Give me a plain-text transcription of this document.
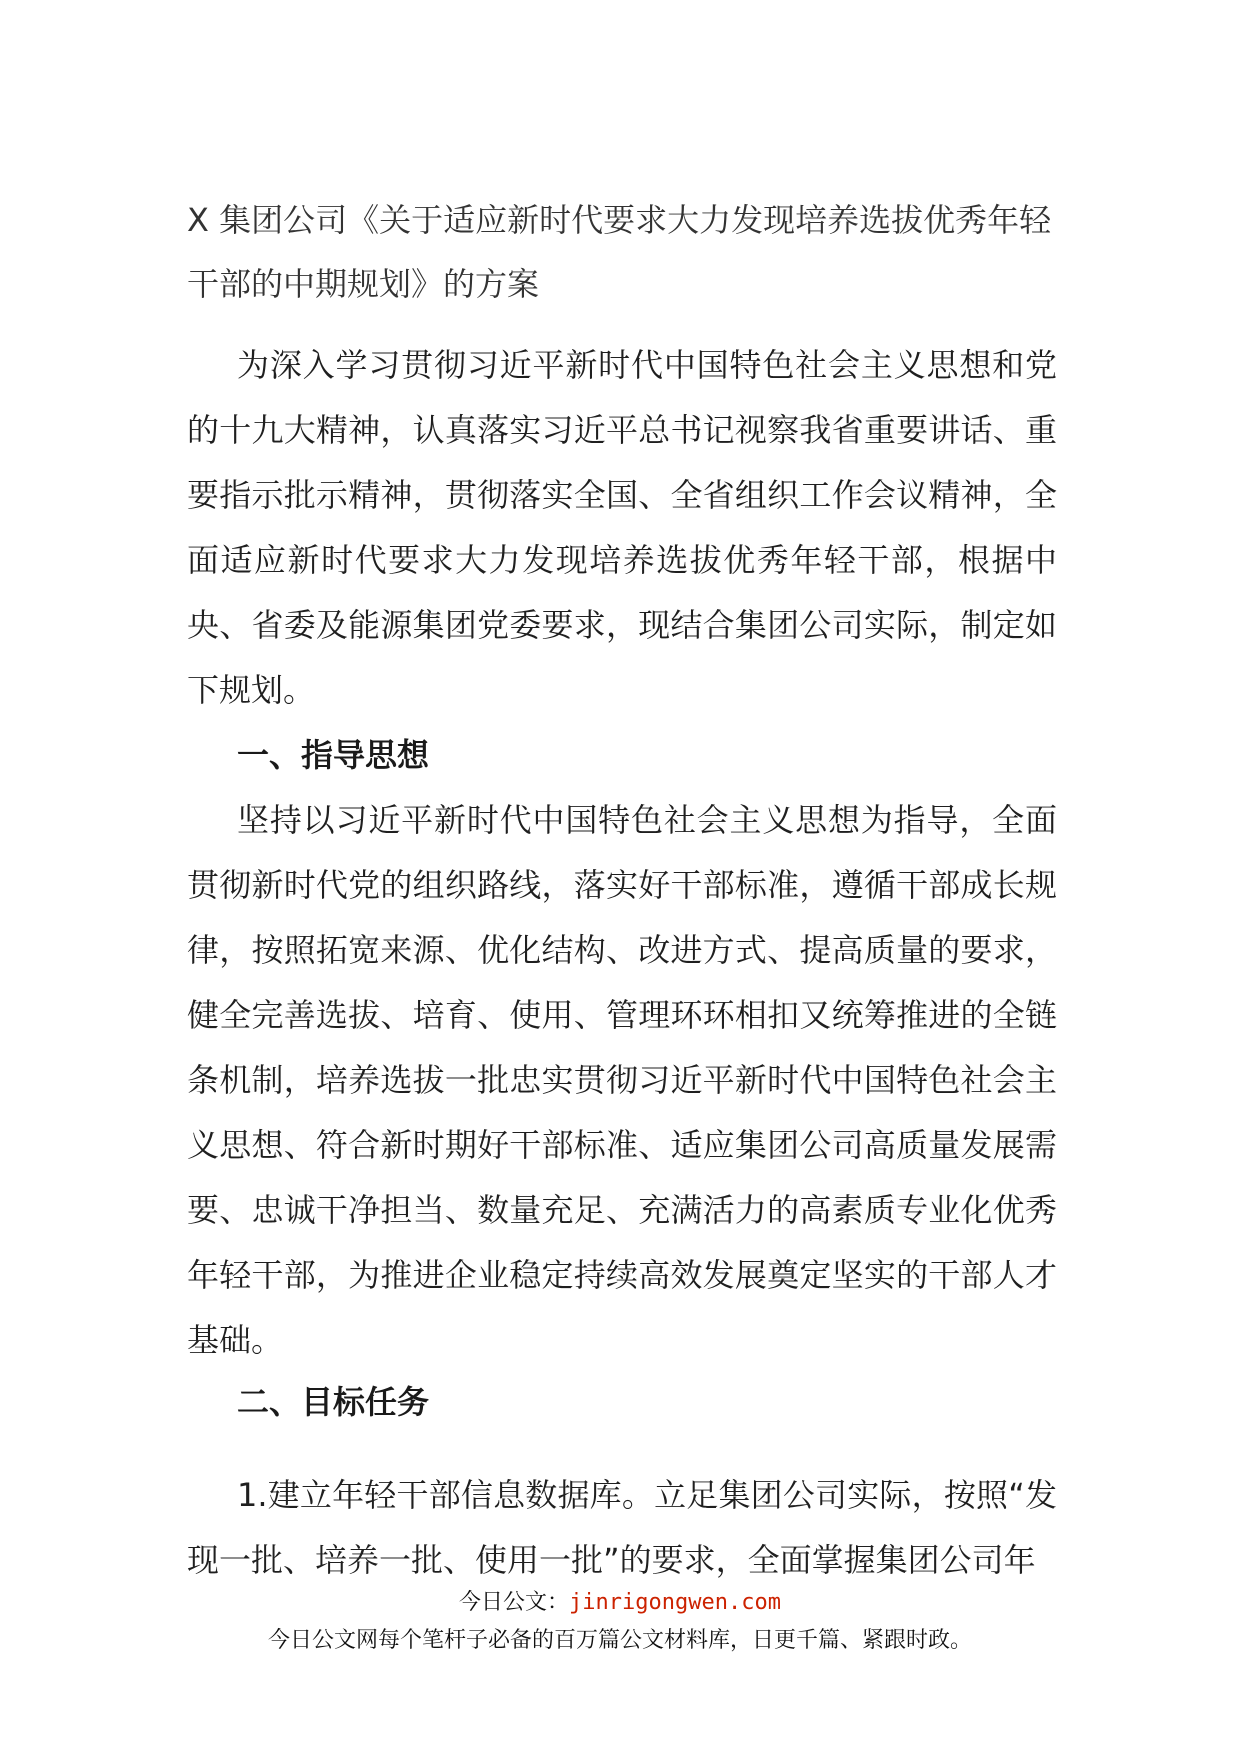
X 集团公司《关于适应新时代要求大力发现培养选拔优秀年轻
干部的中期规划》的方案
为深入学习贯彻习近平新时代中国特色社会主义思想和党的十九大精神，认真落实习近平总书记视察我省重要讲话、重要指示批示精神，贯彻落实全国、全省组织工作会议精神，全面适应新时代要求大力发现培养选拔优秀年轻干部，根据中央、省委及能源集团党委要求，现结合集团公司实际，制定如下规划。
一、指导思想
坚持以习近平新时代中国特色社会主义思想为指导，全面贯彻新时代党的组织路线，落实好干部标准，遵循干部成长规律，按照拓宽来源、优化结构、改进方式、提高质量的要求，健全完善选拔、培育、使用、管理环环相扣又统筹推进的全链条机制，培养选拔一批忠实贯彻习近平新时代中国特色社会主义思想、符合新时期好干部标准、适应集团公司高质量发展需要、忠诚干净担当、数量充足、充满活力的高素质专业化优秀年轻干部，为推进企业稳定持续高效发展奠定坚实的干部人才基础。
二、目标任务
1.建立年轻干部信息数据库。立足集团公司实际，按照“发现一批、培养一批、使用一批”的要求，全面掌握集团公司年
今日公文：jinrigongwen.com
今日公文网每个笔杆子必备的百万篇公文材料库，日更千篇、紧跟时政。
